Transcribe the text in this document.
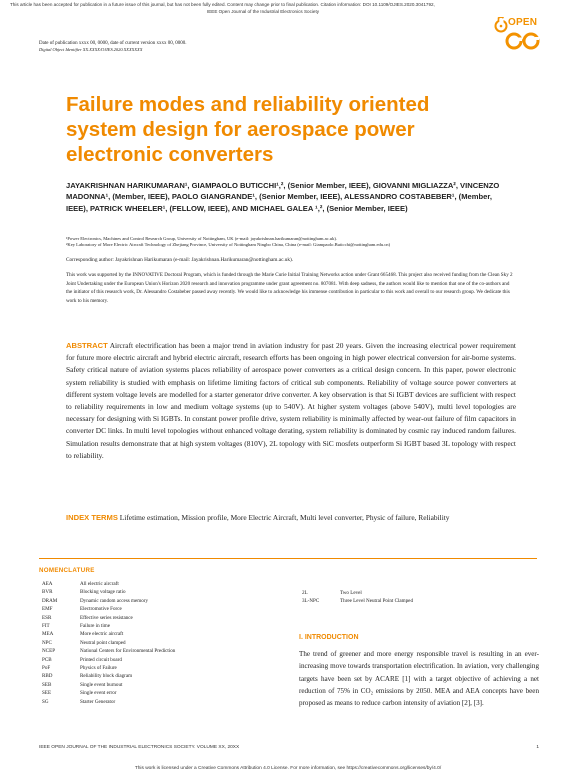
This article has been accepted for publication in a future issue of this journal, but has not been fully edited. Content may change prior to final publication. Citation information: DOI 10.1109/OJIES.2020.3041792,
IEEE Open Journal of the Industrial Electronics Society
Date of publication xxxx 00, 0000, date of current version xxxx 00, 0000.
Digital Object Identifier XX.XXXX/OJIES.2020.XXXXXXX
OPEN
Failure modes and reliability oriented system design for aerospace power electronic converters
JAYAKRISHNAN HARIKUMARAN¹, GIAMPAOLO BUTICCHI¹,², (Senior Member, IEEE), GIOVANNI MIGLIAZZA², VINCENZO MADONNA¹, (Member, IEEE), PAOLO GIANGRANDE¹, (Senior Member, IEEE), ALESSANDRO COSTABEBER¹, (Member, IEEE), PATRICK WHEELER¹, (FELLOW, IEEE), AND MICHAEL GALEA ¹,², (Senior Member, IEEE)
¹Power Electronics, Machines and Control Research Group, University of Nottingham, UK (e-mail: jayakrishnan.harikumaran@nottingham.ac.uk).
²Key Laboratory of More Electric Aircraft Technology of Zhejiang Province, University of Nottingham Ningbo China, China (e-mail: Giampaolo.Buticchi@nottingham.edu.cn)
Corresponding author: Jayakrishnan Harikumaran (e-mail: Jayakrishnan.Harikumaran@nottingham.ac.uk).
This work was supported by the INNOVATIVE Doctoral Program, which is funded through the Marie Curie Initial Training Networks action under Grant 665468. This project also received funding from the Clean Sky 2 Joint Undertaking under the European Union's Horizon 2020 research and innovation programme under grant agreement no. 807081. With deep sadness, the authors would like to mention that one of the co-authors and the initiator of this research work, Dr. Alessandro Costabeber passed away recently. We would like to acknowledge his immense contribution in particular to this work and overall to our research group. We dedicate this work to his memory.
ABSTRACT Aircraft electrification has been a major trend in aviation industry for past 20 years. Given the increasing electrical power requirement for future more electric aircraft and hybrid electric aircraft, research efforts has been ongoing in high power electrical conversion for air-borne systems. Safety critical nature of aviation systems places reliability of aerospace power converters as a critical design concern. In this paper, power electronic system reliability is studied with emphasis on lifetime limiting factors of critical sub components. Reliability of voltage source power converters at different system voltage levels are modelled for a starter generator drive converter. A key observation is that Si IGBT devices are sufficient with respect to reliability requirements in low and medium voltage systems (up to 540V). At higher system voltages (above 540V), multi level topologies are necessary for designing with Si IGBTs. In constant power profile drive, system reliability is minimally affected by wear-out failure of film capacitors in converter DC links. In multi level topologies without enhanced voltage derating, system reliability is dominated by cosmic ray induced random failures. Simulation results demonstrate that at high system voltages (810V), 2L topology with SiC mosfets outperform Si IGBT based 3L topology with respect to reliability.
INDEX TERMS Lifetime estimation, Mission profile, More Electric Aircraft, Multi level converter, Physic of failure, Reliability
NOMENCLATURE
AEA	All electric aircraft
BVR	Blocking voltage ratio
DRAM	Dynamic random access memory
EMF	Electromotive Force
ESR	Effective series resistance
FIT	Failure in time
MEA	More electric aircraft
NPC	Neutral point clamped
NCEP	National Centers for Environmental Prediction
PCB	Printed circuit board
PoF	Physics of Failure
RBD	Reliability block diagram
SEB	Single event burnout
SEE	Single event error
SG	Starter Generator
2L	Two Level
3L-NPC	Three Level Neutral Point Clamped
I. INTRODUCTION
The trend of greener and more energy responsible travel is resulting in an ever-increasing move towards transportation electrification. In aviation, very challenging targets have been set by ACARE [1] with a target objective of achieving a net reduction of 75% in CO₂ emissions by 2050. MEA and AEA concepts have been proposed as means to reduce carbon intensity of aviation [2], [3].
IEEE OPEN JOURNAL OF THE INDUSTRIAL ELECTRONICS SOCIETY. VOLUME XX, 20XX	1
This work is licensed under a Creative Commons Attribution 4.0 License. For more information, see https://creativecommons.org/licenses/by/4.0/
